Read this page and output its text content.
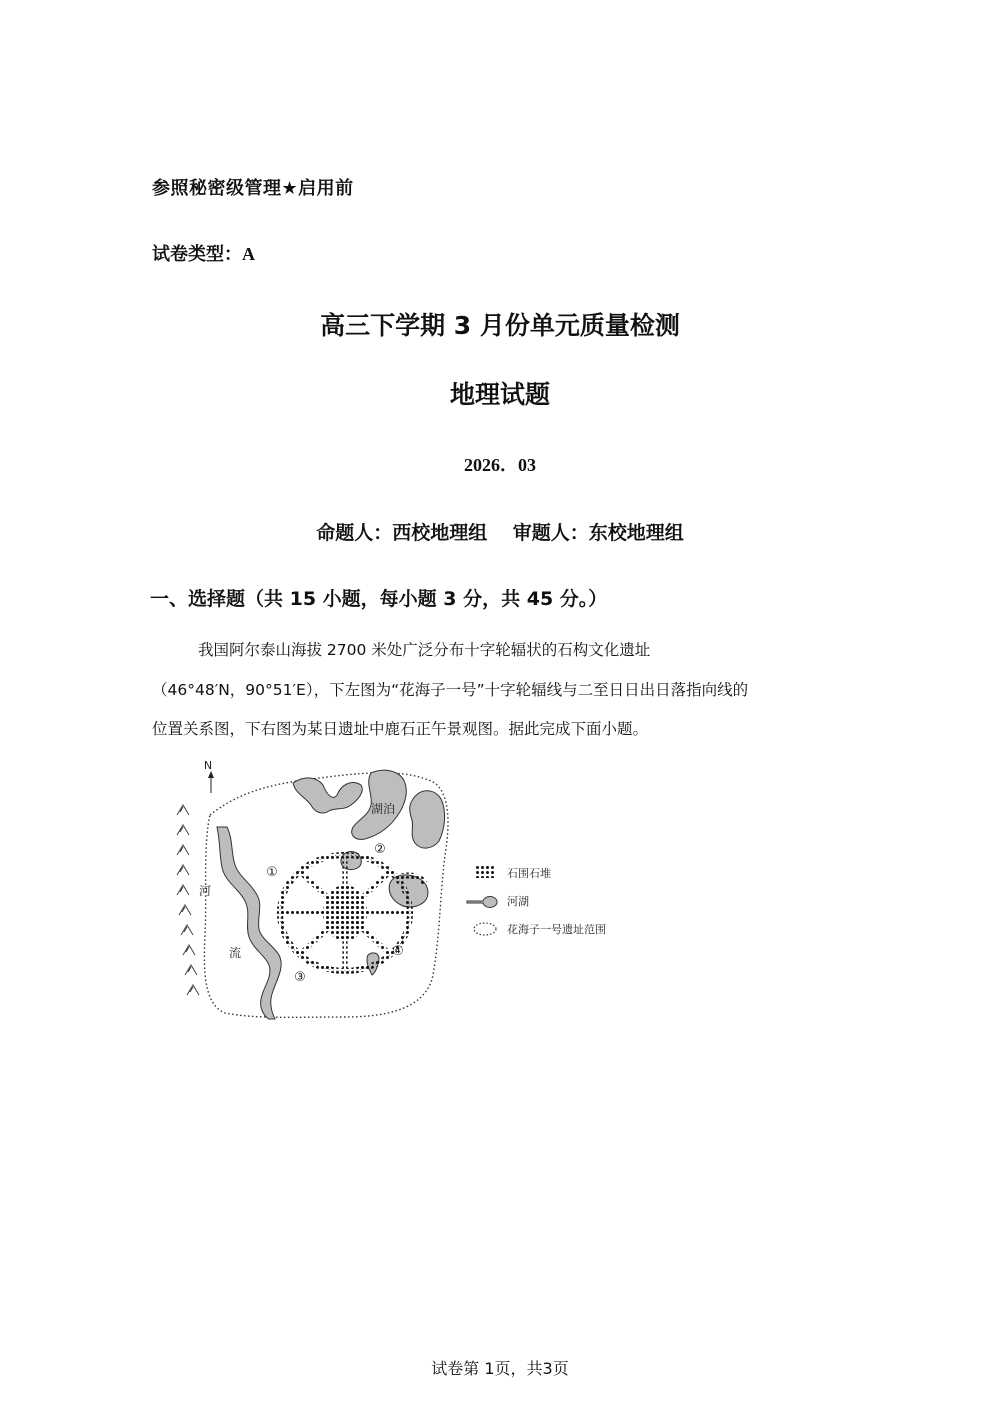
参照秘密级管理★启用前
试卷类型：A
高三下学期 3 月份单元质量检测
地理试题
2026．03
命题人：西校地理组　 审题人：东校地理组
一、选择题（共 15 小题，每小题 3 分，共 45 分。）
我国阿尔泰山海拔 2700 米处广泛分布十字轮辐状的石构文化遗址
（46°48′N，90°51′E），下左图为“花海子一号”十字轮辐线与二至日日出日落指向线的
位置关系图，下右图为某日遗址中鹿石正午景观图。据此完成下面小题。
N
湖泊
河
流
①
②
③
④
石围石堆
河湖
花海子一号遗址范围
试卷第 1页，共3页
